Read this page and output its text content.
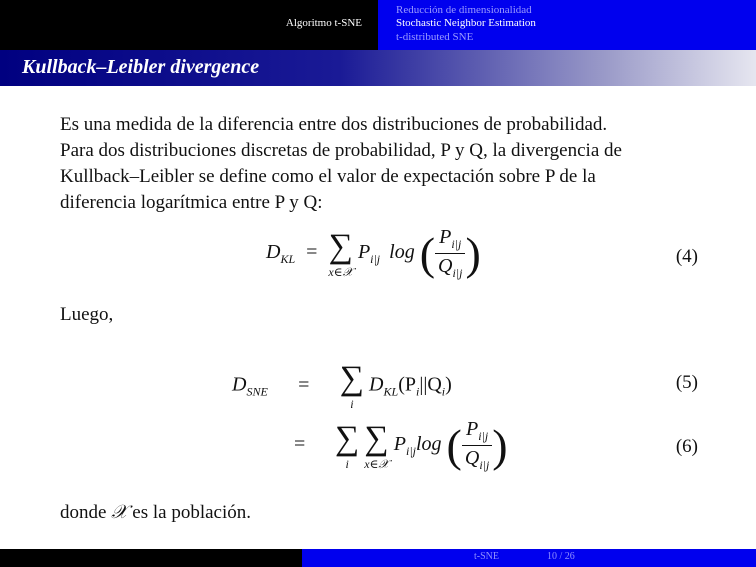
Algoritmo t-SNE
Reducción de dimensionalidad
Stochastic Neighbor Estimation
t-distributed SNE
Kullback–Leibler divergence
Es una medida de la diferencia entre dos distribuciones de probabilidad.
Para dos distribuciones discretas de probabilidad, P y Q, la divergencia de
Kullback–Leibler se define como el valor de expectación sobre P de la
diferencia logarítmica entre P y Q:
$D_{KL}$ = ∑
x∈𝒳
$P_{i|j}$ log ( $\frac{P_{i|j}}{Q_{i|j}}$ )	(4)
Luego,
$D_{SNE}$ = ∑
i
$D_{KL}(P_i||Q_i)$	(5)
= ∑
i

∑
x∈𝒳
$P_{i|j}\log$ ( $\frac{P_{i|j}}{Q_{i|j}}$ )	(6)
donde 𝒳 es la población.
t-SNE	10 / 26
